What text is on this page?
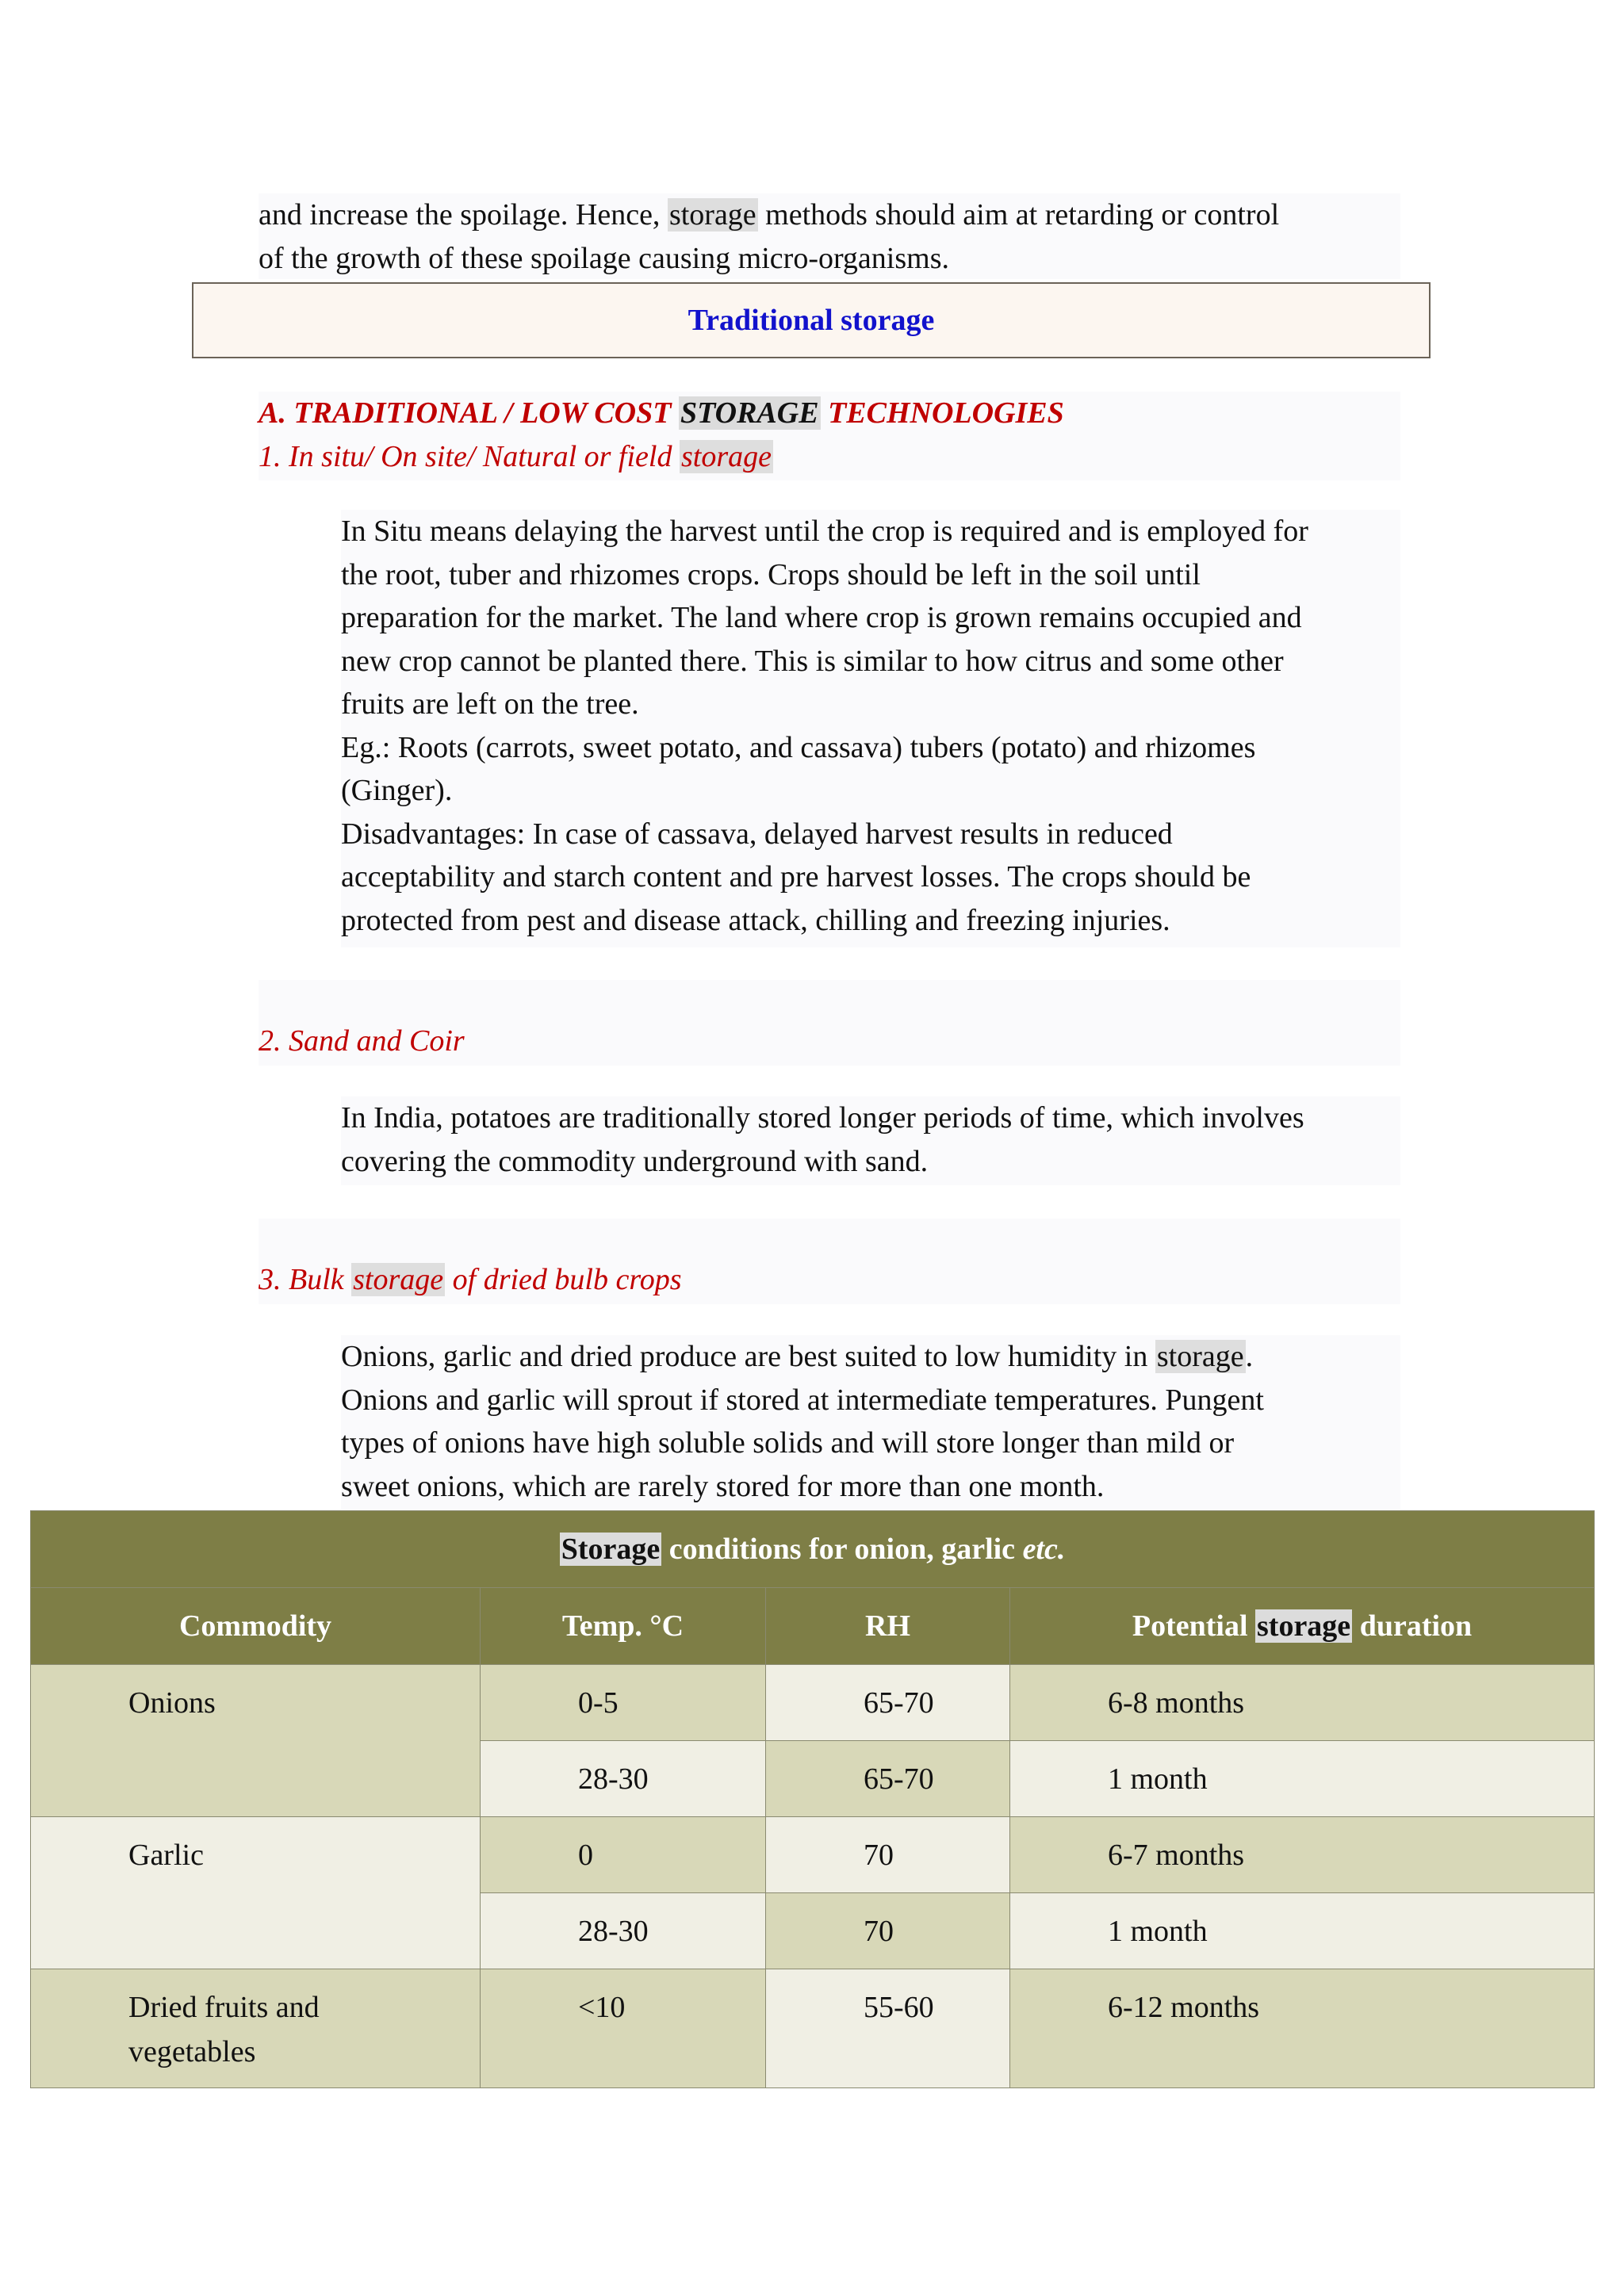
and increase the spoilage. Hence, storage methods should aim at retarding or control
of the growth of these spoilage causing micro-organisms.
Traditional storage
A. TRADITIONAL / LOW COST STORAGE TECHNOLOGIES
1. In situ/ On site/ Natural or field storage
In Situ means delaying the harvest until the crop is required and is employed for
the root, tuber and rhizomes crops. Crops should be left in the soil until
preparation for the market. The land where crop is grown remains occupied and
new crop cannot be planted there. This is similar to how citrus and some other
fruits are left on the tree.
Eg.: Roots (carrots, sweet potato, and cassava) tubers (potato) and rhizomes
(Ginger).
Disadvantages: In case of cassava, delayed harvest results in reduced
acceptability and starch content and pre harvest losses. The crops should be
protected from pest and disease attack, chilling and freezing injuries.
2. Sand and Coir
In India, potatoes are traditionally stored longer periods of time, which involves
covering the commodity underground with sand.
3. Bulk storage of dried bulb crops
Onions, garlic and dried produce are best suited to low humidity in storage.
Onions and garlic will sprout if stored at intermediate temperatures. Pungent
types of onions have high soluble solids and will store longer than mild or
sweet onions, which are rarely stored for more than one month.
Storage conditions for onion, garlic etc.			
Commodity	Temp. °C	RH	Potential storage duration

Onions	0-5	65-70	6-8 months

	28-30	65-70	1 month

Garlic	0	70	6-7 months

	28-30	70	1 month

Dried fruits and vegetables	<10	55-60	6-12 months
